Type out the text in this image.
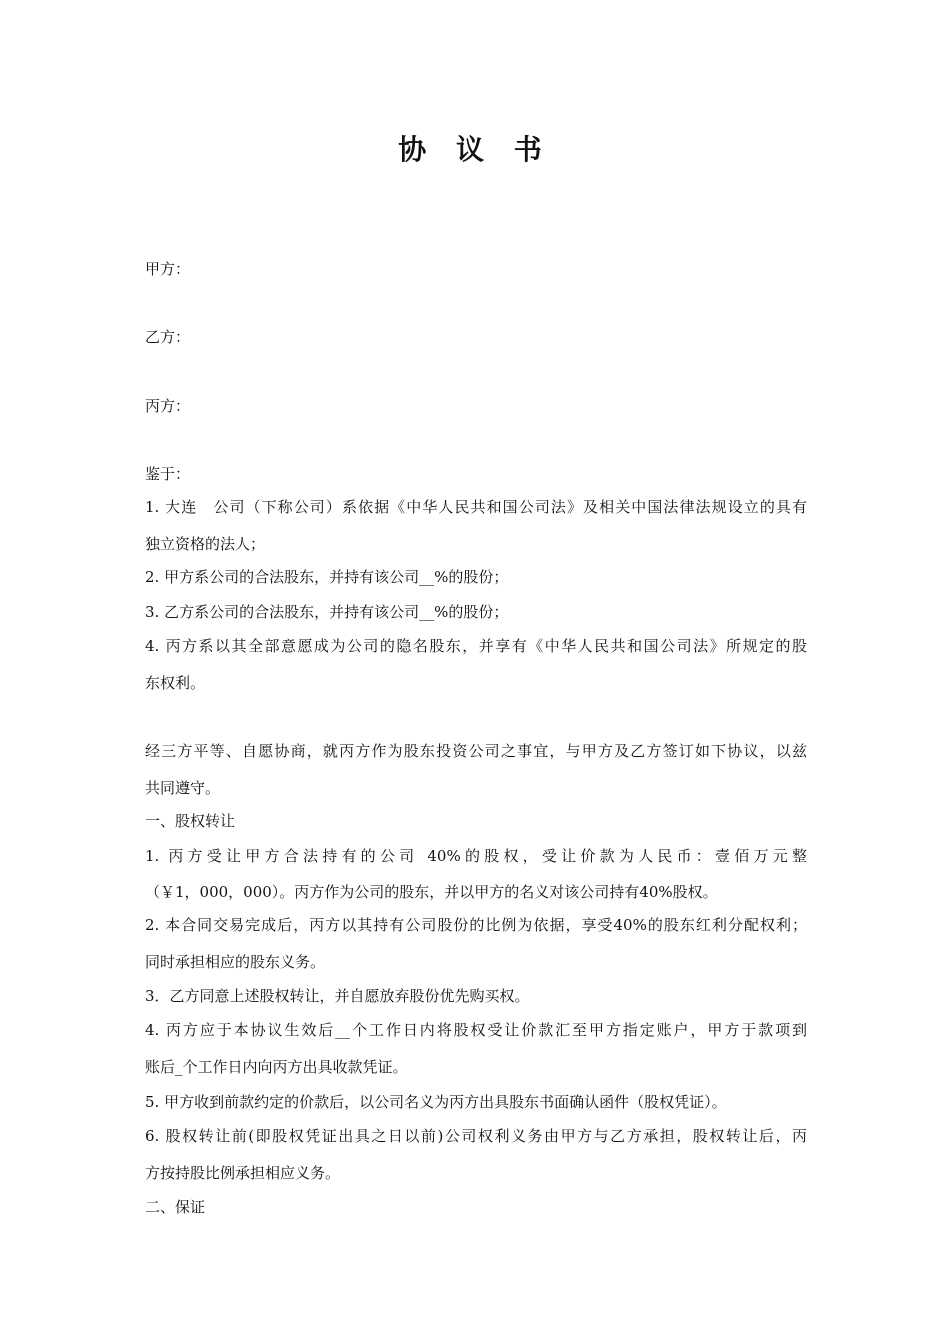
协 议 书
甲方：
乙方：
丙方：
鉴于：
1. 大连　公司（下称公司）系依据《中华人民共和国公司法》及相关中国法律法规设立的具有
独立资格的法人；
2. 甲方系公司的合法股东，并持有该公司__%的股份；
3. 乙方系公司的合法股东，并持有该公司__%的股份；
4. 丙方系以其全部意愿成为公司的隐名股东，并享有《中华人民共和国公司法》所规定的股
东权利。
经三方平等、自愿协商，就丙方作为股东投资公司之事宜，与甲方及乙方签订如下协议，以兹
共同遵守。
一、股权转让
1. 丙方受让甲方合法持有的公司 40%的股权，受让价款为人民币：壹佰万元整
（￥1，000，000）。丙方作为公司的股东，并以甲方的名义对该公司持有40%股权。
2. 本合同交易完成后，丙方以其持有公司股份的比例为依据，享受40%的股东红利分配权利；
同时承担相应的股东义务。
3．乙方同意上述股权转让，并自愿放弃股份优先购买权。
4. 丙方应于本协议生效后__个工作日内将股权受让价款汇至甲方指定账户，甲方于款项到
账后_个工作日内向丙方出具收款凭证。
5. 甲方收到前款约定的价款后，以公司名义为丙方出具股东书面确认函件（股权凭证）。
6. 股权转让前(即股权凭证出具之日以前)公司权利义务由甲方与乙方承担，股权转让后，丙
方按持股比例承担相应义务。
二、保证
